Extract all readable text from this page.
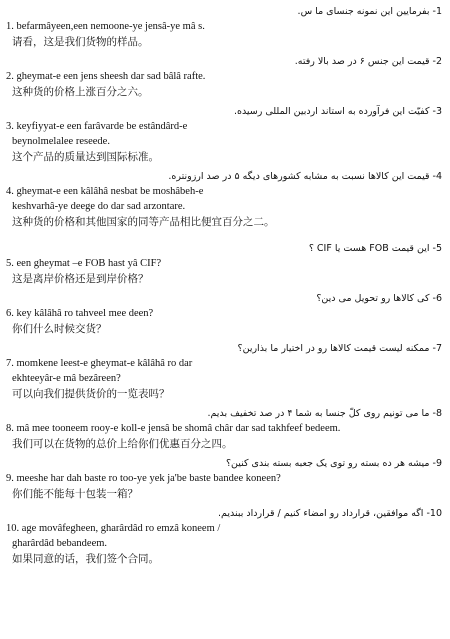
1- بفرمایین این نمونه جنسای ما س.
1. befarmâyeen,een nemoone-ye jensâ-ye mâ s.
请看，这是我们货物的样品。
2- قیمت این جنس ۶ در صد بالا رفته.
2. gheymat-e een jens sheesh dar sad bâlâ rafte.
这种货的价格上涨百分之六。
3- کفیّت این فرآورده به استاند اردبین المللی رسیده.
3. keyfiyyat-e een farâvarde be estândârd-e
beynolmelalee reseede.
这个产品的质量达到国际标准。
4- قیمت این کالاها نسبت به مشابه کشورهای دیگه ۵ در صد ارزونتره.
4. gheymat-e een kâlâhâ nesbat be moshâbeh-e
keshvarhâ-ye deege do dar sad arzontare.
这种货的价格和其他国家的同等产品相比便宜百分之二。
5- این قیمت FOB هست یا CIF ؟
5. een gheymat –e FOB hast yâ CIF?
这是离岸价格还是到岸价格？
6- کی کالاها رو تحویل می دین؟
6. key kâlâhâ ro tahveel mee deen?
你们什么时候交货？
7- ممکنه لیست قیمت کالاها رو در اختیار ما بذارین؟
7. momkene leest-e gheymat-e kâlâhâ ro dar
ekhteeyâr-e mâ bezâreen?
可以向我们提供货价的一览表吗？
8- ما می تونیم روی کلّ جنسا به شما ۴ در صد تخفیف بدیم.
8. mâ mee tooneem rooy-e koll-e jensâ be shomâ châr dar sad takhfeef bedeem.
我们可以在货物的总价上给你们优惠百分之四。
9- میشه هر ده بسته رو توی یک جعبه بسته بندی کنین؟
9. meeshe har dah baste ro too-ye yek ja'be baste bandee koneen?
你们能不能每十包装一箱？
10- اگه موافقین، قرارداد رو امضاء کنیم / قرارداد ببندیم.
10. age movâfegheen, gharârdâd ro emzâ koneem /
gharârdâd bebandeem.
如果同意的话，我们签个合同。
